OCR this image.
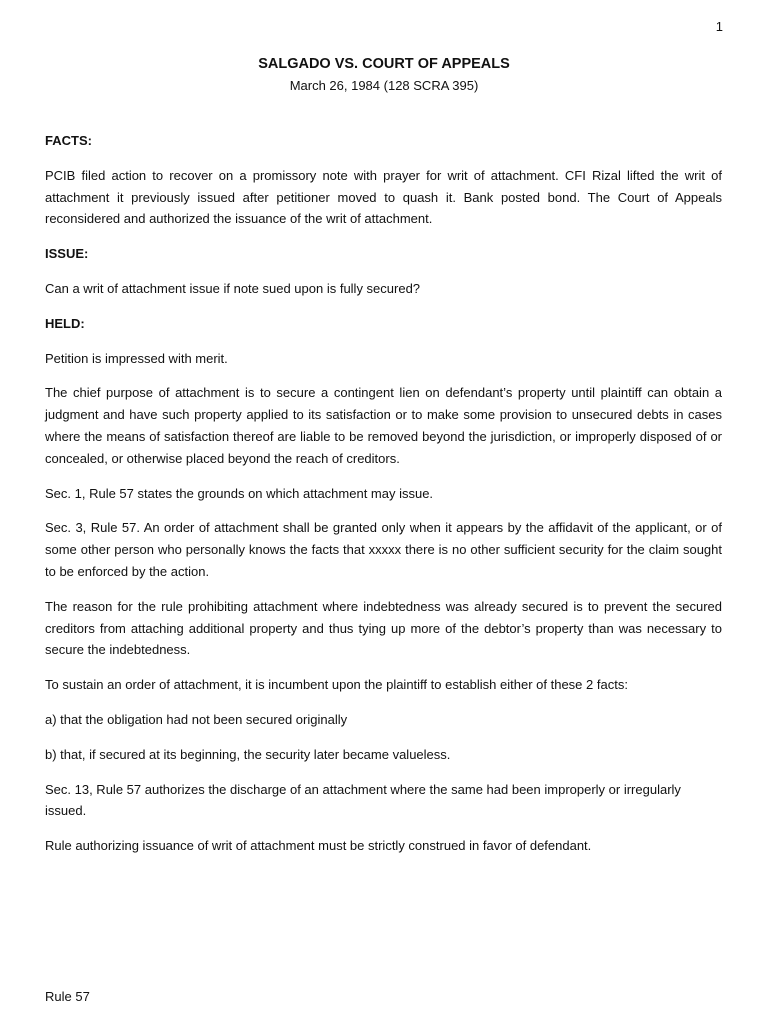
1
SALGADO VS. COURT OF APPEALS
March 26, 1984 (128 SCRA 395)

FACTS:

PCIB filed action to recover on a promissory note with prayer for writ of attachment. CFI Rizal lifted the writ of attachment it previously issued after petitioner moved to quash it. Bank posted bond. The Court of Appeals reconsidered and authorized the issuance of the writ of attachment.

ISSUE:

Can a writ of attachment issue if note sued upon is fully secured?

HELD:

Petition is impressed with merit.

The chief purpose of attachment is to secure a contingent lien on defendant’s property until plaintiff can obtain a judgment and have such property applied to its satisfaction or to make some provision to unsecured debts in cases where the means of satisfaction thereof are liable to be removed beyond the jurisdiction, or improperly disposed of or concealed, or otherwise placed beyond the reach of creditors.

Sec. 1, Rule 57 states the grounds on which attachment may issue.

Sec. 3, Rule 57. An order of attachment shall be granted only when it appears by the affidavit of the applicant, or of some other person who personally knows the facts that xxxxx there is no other sufficient security for the claim sought to be enforced by the action.

The reason for the rule prohibiting attachment where indebtedness was already secured is to prevent the secured creditors from attaching additional property and thus tying up more of the debtor’s property than was necessary to secure the indebtedness.

To sustain an order of attachment, it is incumbent upon the plaintiff to establish either of these 2 facts:

a) that the obligation had not been secured originally

b) that, if secured at its beginning, the security later became valueless.

Sec. 13, Rule 57 authorizes the discharge of an attachment where the same had been improperly or irregularly issued.

Rule authorizing issuance of writ of attachment must be strictly construed in favor of defendant.

Rule 57
